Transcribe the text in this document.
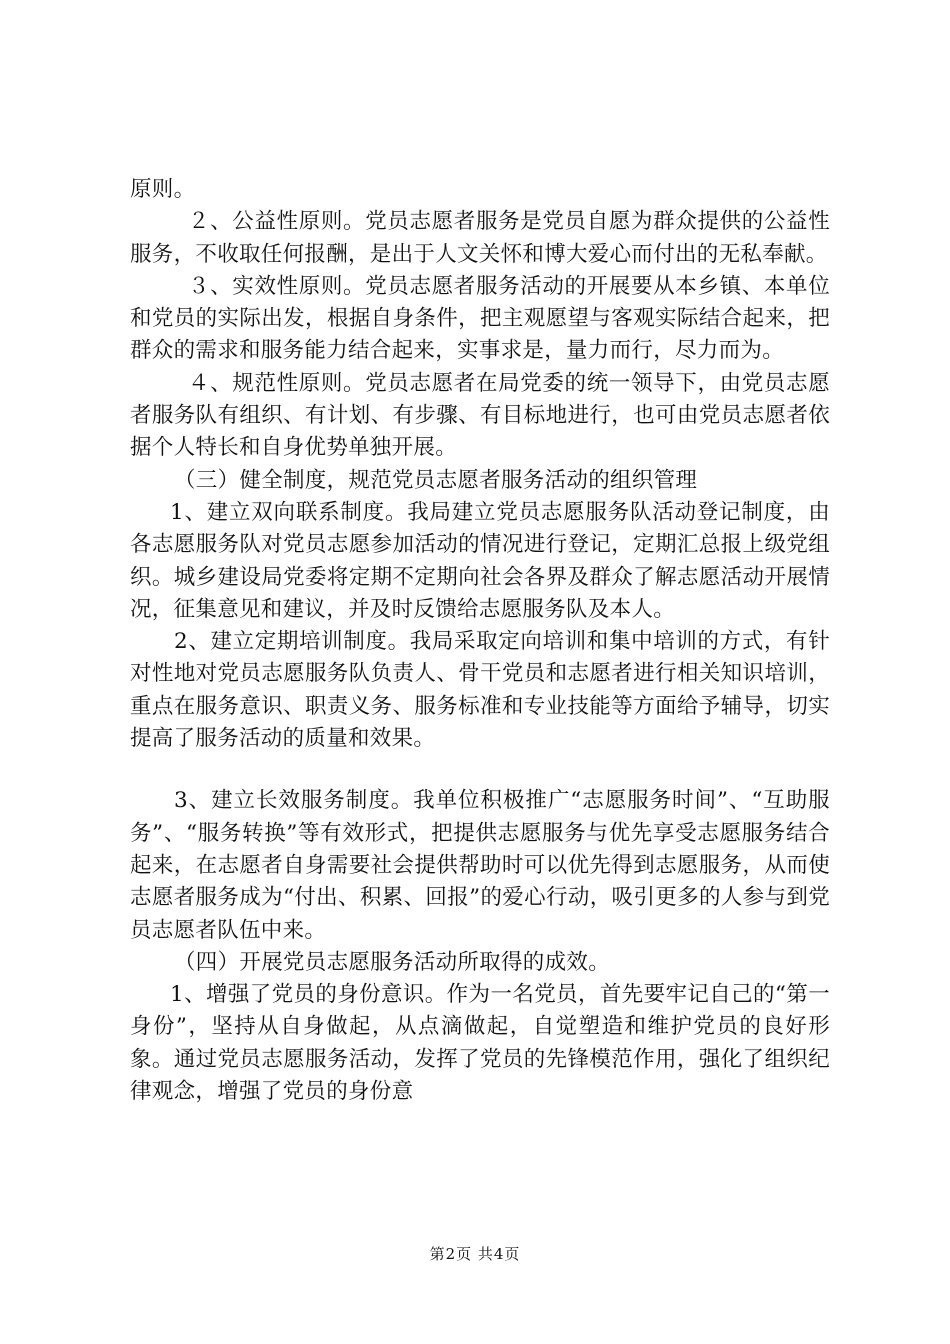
原则。

２、公益性原则。党员志愿者服务是党员自愿为群众提供的公益性服务，不收取任何报酬，是出于人文关怀和博大爱心而付出的无私奉献。

３、实效性原则。党员志愿者服务活动的开展要从本乡镇、本单位和党员的实际出发，根据自身条件，把主观愿望与客观实际结合起来，把群众的需求和服务能力结合起来，实事求是，量力而行，尽力而为。

４、规范性原则。党员志愿者在局党委的统一领导下，由党员志愿者服务队有组织、有计划、有步骤、有目标地进行，也可由党员志愿者依据个人特长和自身优势单独开展。

（三）健全制度，规范党员志愿者服务活动的组织管理

1、建立双向联系制度。我局建立党员志愿服务队活动登记制度，由各志愿服务队对党员志愿参加活动的情况进行登记，定期汇总报上级党组织。城乡建设局党委将定期不定期向社会各界及群众了解志愿活动开展情况，征集意见和建议，并及时反馈给志愿服务队及本人。

2、建立定期培训制度。我局采取定向培训和集中培训的方式，有针对性地对党员志愿服务队负责人、骨干党员和志愿者进行相关知识培训，重点在服务意识、职责义务、服务标准和专业技能等方面给予辅导，切实提高了服务活动的质量和效果。

3、建立长效服务制度。我单位积极推广“志愿服务时间”、“互助服务”、“服务转换”等有效形式，把提供志愿服务与优先享受志愿服务结合起来，在志愿者自身需要社会提供帮助时可以优先得到志愿服务，从而使志愿者服务成为“付出、积累、回报”的爱心行动，吸引更多的人参与到党员志愿者队伍中来。

（四）开展党员志愿服务活动所取得的成效。

1、增强了党员的身份意识。作为一名党员，首先要牢记自己的“第一身份”，坚持从自身做起，从点滴做起，自觉塑造和维护党员的良好形象。通过党员志愿服务活动，发挥了党员的先锋模范作用，强化了组织纪律观念，增强了党员的身份意

第2页 共4页
